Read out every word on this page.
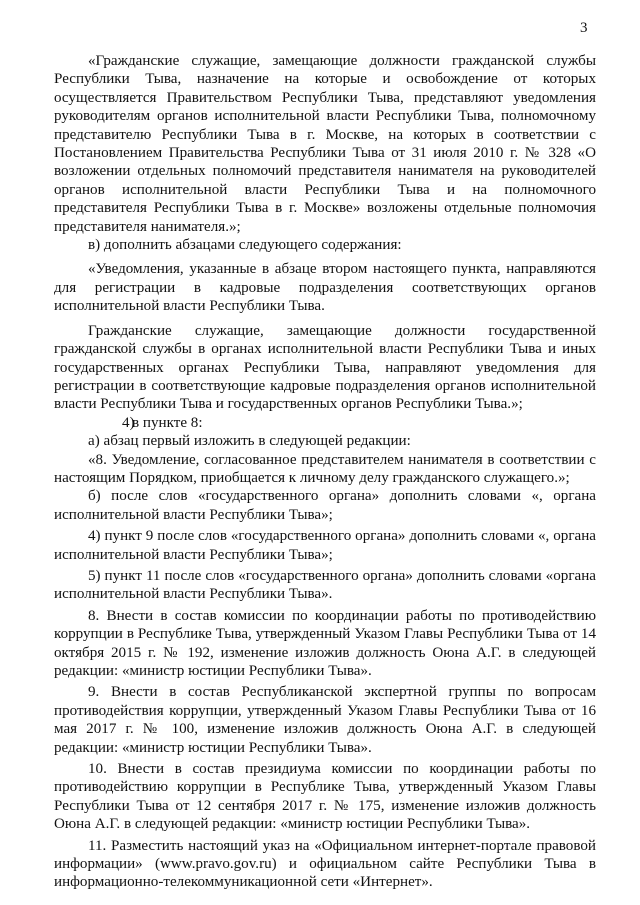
3

«Гражданские служащие, замещающие должности гражданской службы Республики Тыва, назначение на которые и освобождение от которых осуществляется Правительством Республики Тыва, представляют уведомления руководителям органов исполнительной власти Республики Тыва, полномочному представителю Республики Тыва в г. Москве, на которых в соответствии с Постановлением Правительства Республики Тыва от 31 июля 2010 г. № 328 «О возложении отдельных полномочий представителя нанимателя на руководителей органов исполнительной власти Республики Тыва и на полномочного представителя Республики Тыва в г. Москве» возложены отдельные полномочия представителя нанимателя.»;

в) дополнить абзацами следующего содержания:

«Уведомления, указанные в абзаце втором настоящего пункта, направляются для регистрации в кадровые подразделения соответствующих органов исполнительной власти Республики Тыва.

Гражданские служащие, замещающие должности государственной гражданской службы в органах исполнительной власти Республики Тыва и иных государственных органах Республики Тыва, направляют уведомления для регистрации в соответствующие кадровые подразделения органов исполнительной власти Республики Тыва и государственных органов Республики Тыва.»;

4)в пункте 8:

а) абзац первый изложить в следующей редакции:

«8. Уведомление, согласованное представителем нанимателя в соответствии с настоящим Порядком, приобщается к личному делу гражданского служащего.»;

б) после слов «государственного органа» дополнить словами «, органа исполнительной власти Республики Тыва»;

4) пункт 9 после слов «государственного органа» дополнить словами «, органа исполнительной власти Республики Тыва»;

5) пункт 11 после слов «государственного органа» дополнить словами «органа исполнительной власти Республики Тыва».

8. Внести в состав комиссии по координации работы по противодействию коррупции в Республике Тыва, утвержденный Указом Главы Республики Тыва от 14 октября 2015 г. № 192, изменение изложив должность Оюна А.Г. в следующей редакции: «министр юстиции Республики Тыва».

9. Внести в состав Республиканской экспертной группы по вопросам противодействия коррупции, утвержденный Указом Главы Республики Тыва от 16 мая 2017 г. № 100, изменение изложив должность Оюна А.Г. в следующей редакции: «министр юстиции Республики Тыва».

10. Внести в состав президиума комиссии по координации работы по противодействию коррупции в Республике Тыва, утвержденный Указом Главы Республики Тыва от 12 сентября 2017 г. № 175, изменение изложив должность Оюна А.Г. в следующей редакции: «министр юстиции Республики Тыва».

11. Разместить настоящий указ на «Официальном интернет-портале правовой информации» (www.pravo.gov.ru) и официальном сайте Республики Тыва в информационно-телекоммуникационной сети «Интернет».
